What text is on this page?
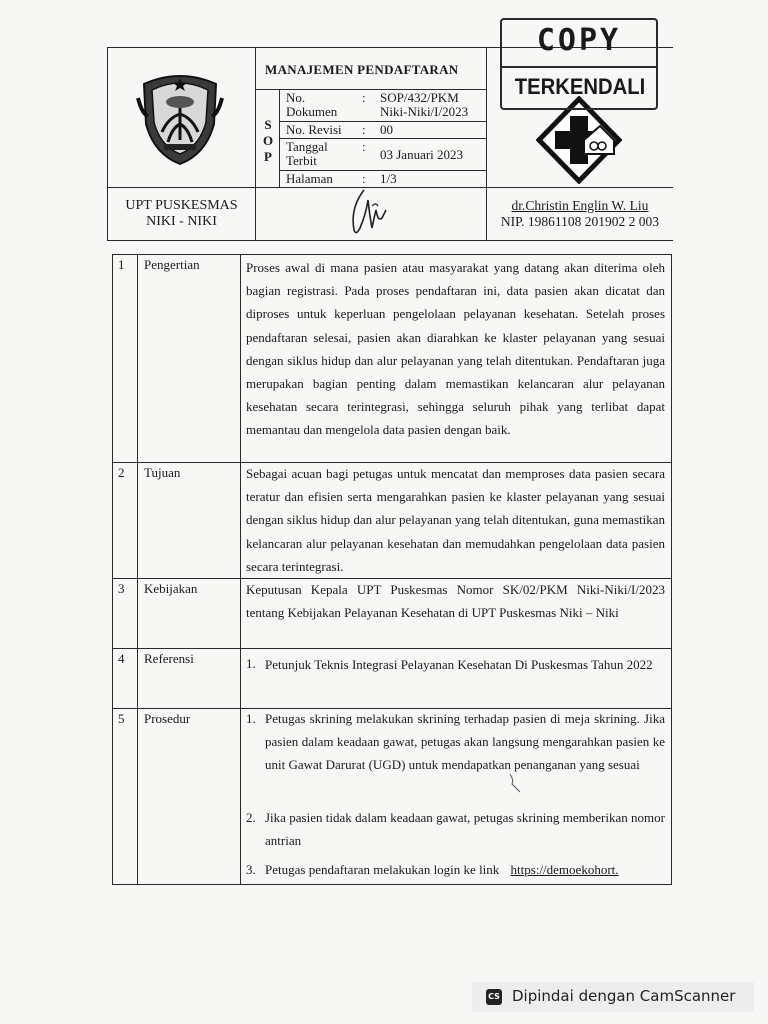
MANAJEMEN PENDAFTARAN
S
O
P
No.
Dokumen
: SOP/432/PKM
Niki-Niki/I/2023
No. Revisi : 00
Tanggal
Terbit
:
03 Januari 2023
Halaman : 1/3
UPT PUSKESMAS
NIKI - NIKI
dr.Christin Englin W. Liu
NIP. 19861108 201902 2 003
COPY
TERKENDALI
1 Pengertian	Proses awal di mana pasien atau masyarakat yang datang akan diterima oleh bagian registrasi. Pada proses pendaftaran ini, data pasien akan dicatat dan diproses untuk keperluan pengelolaan pelayanan kesehatan. Setelah proses pendaftaran selesai, pasien akan diarahkan ke klaster pelayanan yang sesuai dengan siklus hidup dan alur pelayanan yang telah ditentukan. Pendaftaran juga merupakan bagian penting dalam memastikan kelancaran alur pelayanan kesehatan secara terintegrasi, sehingga seluruh pihak yang terlibat dapat memantau dan mengelola data pasien dengan baik.
2 Tujuan	Sebagai acuan bagi petugas untuk mencatat dan memproses data pasien secara teratur dan efisien serta mengarahkan pasien ke klaster pelayanan yang sesuai dengan siklus hidup dan alur pelayanan yang telah ditentukan, guna memastikan kelancaran alur pelayanan kesehatan dan memudahkan pengelolaan data pasien secara terintegrasi.
3 Kebijakan	Keputusan Kepala UPT Puskesmas Nomor SK/02/PKM Niki-Niki/I/2023 tentang Kebijakan Pelayanan Kesehatan di UPT Puskesmas Niki – Niki
4 Referensi	1. Petunjuk Teknis Integrasi Pelayanan Kesehatan Di Puskesmas Tahun 2022
5 Prosedur	1. Petugas skrining melakukan skrining terhadap pasien di meja skrining. Jika pasien dalam keadaan gawat, petugas akan langsung mengarahkan pasien ke unit Gawat Darurat (UGD) untuk mendapatkan penanganan yang sesuai
2. Jika pasien tidak dalam keadaan gawat, petugas skrining memberikan nomor antrian
3. Petugas pendaftaran melakukan login ke link https://demoekohort.
CS Dipindai dengan CamScanner
